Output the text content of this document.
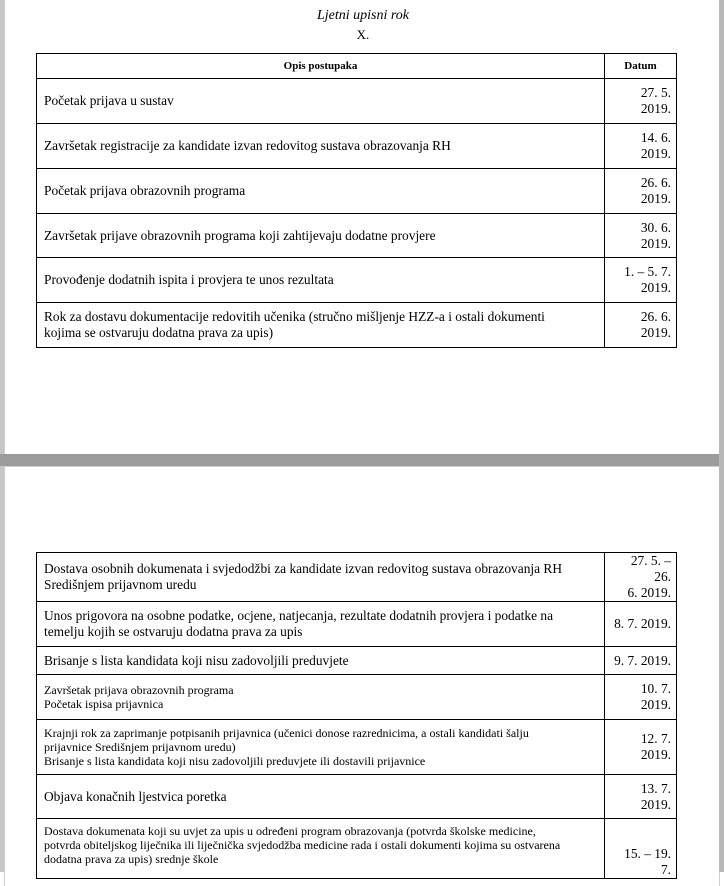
Ljetni upisni rok
X.
Opis postupaka	Datum

Početak prijava u sustav	27. 5.
2019.

Završetak registracije za kandidate izvan redovitog sustava obrazovanja RH	14. 6.
2019.

Početak prijava obrazovnih programa	26. 6.
2019.

Završetak prijave obrazovnih programa koji zahtijevaju dodatne provjere	30. 6.
2019.

Provođenje dodatnih ispita i provjera te unos rezultata	1. – 5. 7.
2019.

Rok za dostavu dokumentacije redovitih učenika (stručno mišljenje HZZ-a i ostali dokumenti
kojima se ostvaruju dodatna prava za upis)	26. 6.
2019.
Dostava osobnih dokumenata i svjedodžbi za kandidate izvan redovitog sustava obrazovanja RH
Središnjem prijavnom uredu	27. 5. – 26.
6. 2019.

Unos prigovora na osobne podatke, ocjene, natjecanja, rezultate dodatnih provjera i podatke na
temelju kojih se ostvaruju dodatna prava za upis	8. 7. 2019.

Brisanje s lista kandidata koji nisu zadovoljili preduvjete	9. 7. 2019.

Završetak prijava obrazovnih programa
Početak ispisa prijavnica	10. 7.
2019.

Krajnji rok za zaprimanje potpisanih prijavnica (učenici donose razrednicima, a ostali kandidati šalju
prijavnice Središnjem prijavnom uredu)
Brisanje s lista kandidata koji nisu zadovoljili preduvjete ili dostavili prijavnice	12. 7.
2019.

Objava konačnih ljestvica poretka	13. 7.
2019.

Dostava dokumenata koji su uvjet za upis u određeni program obrazovanja (potvrda školske medicine,
potvrda obiteljskog liječnika ili liječnička svjedodžba medicine rada i ostali dokumenti kojima su ostvarena
dodatna prava za upis) srednje škole	15. – 19. 7.
